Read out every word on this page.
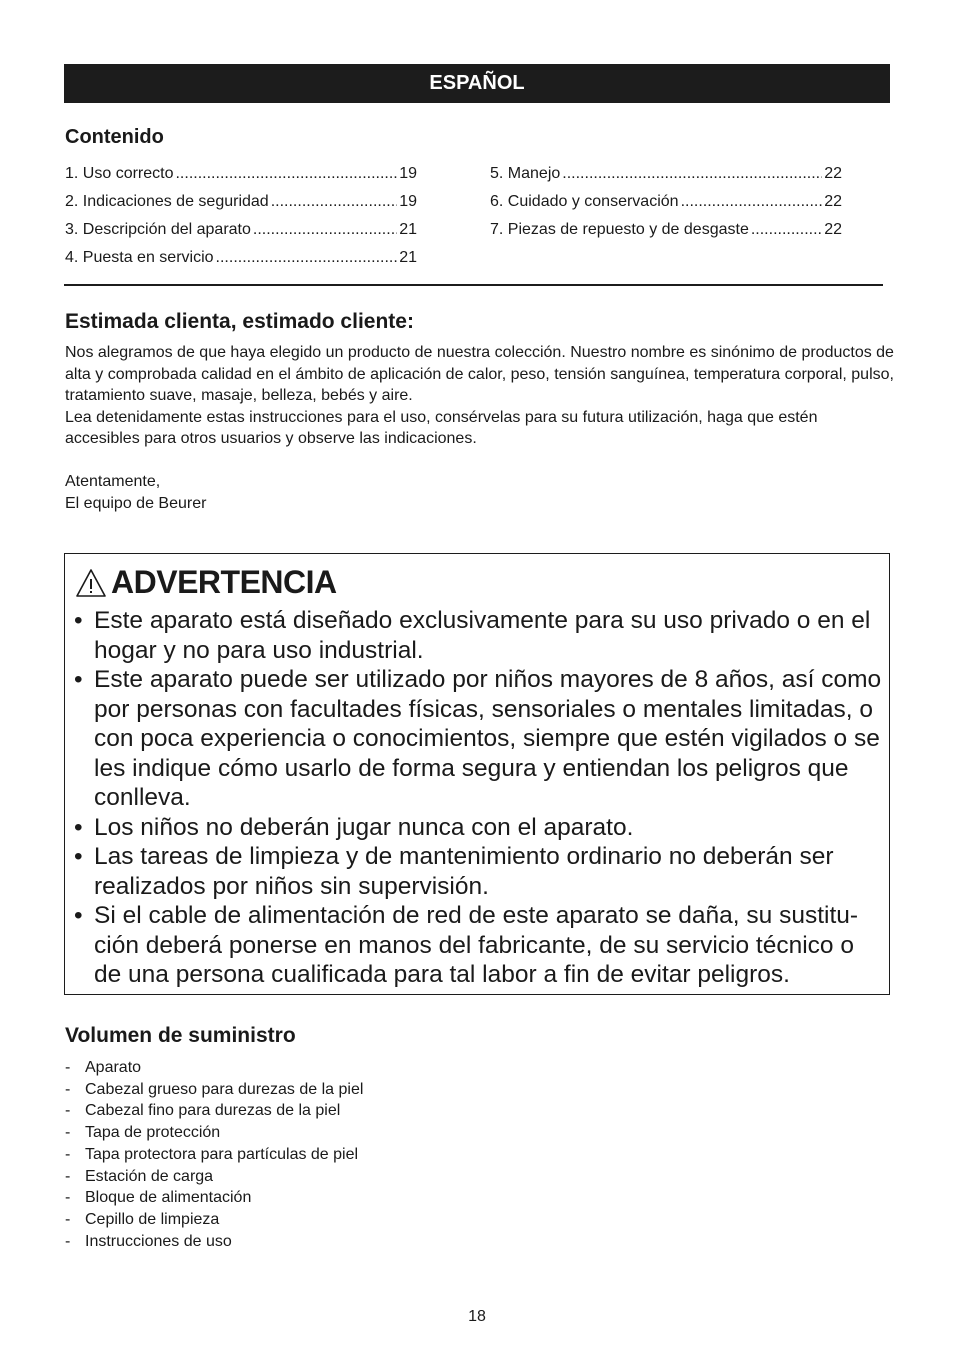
ESPAÑOL
Contenido
1. Uso correcto .....	19
2. Indicaciones de seguridad .....	19
3. Descripción del aparato .....	21
4. Puesta en servicio .....	21
5. Manejo .....	22
6. Cuidado y conservación .....	22
7. Piezas de repuesto y de desgaste .....	22
Estimada clienta, estimado cliente:

Nos alegramos de que haya elegido un producto de nuestra colección. Nuestro nombre es sinónimo de productos de alta y comprobada calidad en el ámbito de aplicación de calor, peso, tensión sanguínea, temperatura corporal, pulso, tratamiento suave, masaje, belleza, bebés y aire.

Lea detenidamente estas instrucciones para el uso, consérvelas para su futura utilización, haga que estén accesibles para otros usuarios y observe las indicaciones.

Atentamente,

El equipo de Beurer

ADVERTENCIA
• Este aparato está diseñado exclusivamente para su uso privado o en el hogar y no para uso industrial.
• Este aparato puede ser utilizado por niños mayores de 8 años, así como por personas con facultades físicas, sensoriales o mentales limitadas, o con poca experiencia o conocimientos, siempre que estén vigilados o se les indique cómo usarlo de forma segura y entiendan los peligros que conlleva.
• Los niños no deberán jugar nunca con el aparato.
• Las tareas de limpieza y de mantenimiento ordinario no deberán ser realizados por niños sin supervisión.
• Si el cable de alimentación de red de este aparato se daña, su sustitución deberá ponerse en manos del fabricante, de su servicio técnico o de una persona cualificada para tal labor a fin de evitar peligros.
Volumen de suministro
- Aparato
- Cabezal grueso para durezas de la piel
- Cabezal fino para durezas de la piel
- Tapa de protección
- Tapa protectora para partículas de piel
- Estación de carga
- Bloque de alimentación
- Cepillo de limpieza
- Instrucciones de uso
18
